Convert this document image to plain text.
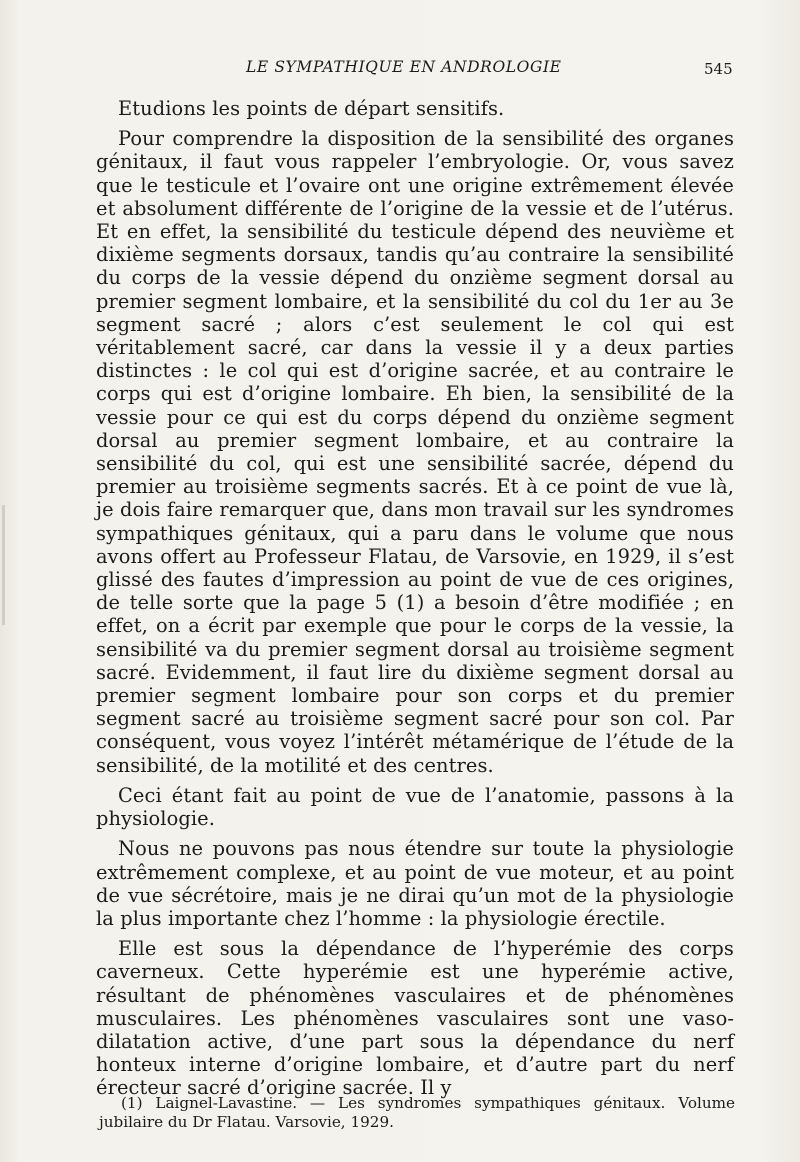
LE SYMPATHIQUE EN ANDROLOGIE	545

Etudions les points de départ sensitifs.

Pour comprendre la disposition de la sensibilité des organes génitaux, il faut vous rappeler l’embryologie. Or, vous savez que le testicule et l’ovaire ont une origine extrêmement élevée et absolument différente de l’origine de la vessie et de l’utérus. Et en effet, la sensibilité du testicule dépend des neuvième et dixième segments dorsaux, tandis qu’au contraire la sensibilité du corps de la vessie dépend du onzième segment dorsal au premier segment lombaire, et la sensibilité du col du 1er au 3e segment sacré ; alors c’est seulement le col qui est véritablement sacré, car dans la vessie il y a deux parties distinctes : le col qui est d’origine sacrée, et au contraire le corps qui est d’origine lombaire. Eh bien, la sensibilité de la vessie pour ce qui est du corps dépend du onzième segment dorsal au premier segment lombaire, et au contraire la sensibilité du col, qui est une sensibilité sacrée, dépend du premier au troisième segments sacrés. Et à ce point de vue là, je dois faire remarquer que, dans mon travail sur les syndromes sympathiques génitaux, qui a paru dans le volume que nous avons offert au Professeur Flatau, de Varsovie, en 1929, il s’est glissé des fautes d’impression au point de vue de ces origines, de telle sorte que la page 5 (1) a besoin d’être modifiée ; en effet, on a écrit par exemple que pour le corps de la vessie, la sensibilité va du premier segment dorsal au troisième segment sacré. Evidemment, il faut lire du dixième segment dorsal au premier segment lombaire pour son corps et du premier segment sacré au troisième segment sacré pour son col. Par conséquent, vous voyez l’intérêt métamérique de l’étude de la sensibilité, de la motilité et des centres.

Ceci étant fait au point de vue de l’anatomie, passons à la physiologie.

Nous ne pouvons pas nous étendre sur toute la physiologie extrêmement complexe, et au point de vue moteur, et au point de vue sécrétoire, mais je ne dirai qu’un mot de la physiologie la plus importante chez l’homme : la physiologie érectile.

Elle est sous la dépendance de l’hyperémie des corps caverneux. Cette hyperémie est une hyperémie active, résultant de phénomènes vasculaires et de phénomènes musculaires. Les phénomènes vasculaires sont une vaso-dilatation active, d’une part sous la dépendance du nerf honteux interne d’origine lombaire, et d’autre part du nerf érecteur sacré d’origine sacrée. Il y

(1) Laignel-Lavastine. — Les syndromes sympathiques génitaux. Volume jubilaire du Dr Flatau. Varsovie, 1929.
